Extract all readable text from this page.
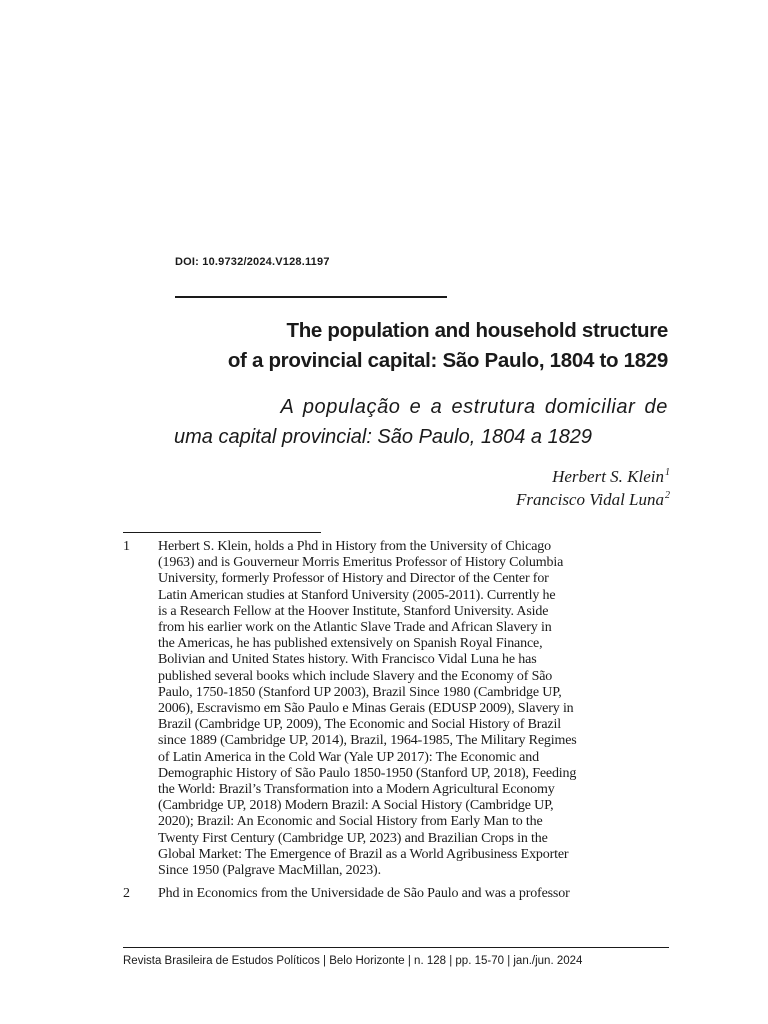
DOI: 10.9732/2024.V128.1197
The population and household structure
of a provincial capital: São Paulo, 1804 to 1829
A população e a estrutura domiciliar de
uma capital provincial: São Paulo, 1804 a 1829
Herbert S. Klein$^1$
Francisco Vidal Luna$^2$
1	Herbert S. Klein, holds a Phd in History from the University of Chicago
(1963) and is Gouverneur Morris Emeritus Professor of History Columbia
University, formerly Professor of History and Director of the Center for
Latin American studies at Stanford University (2005-2011). Currently he
is a Research Fellow at the Hoover Institute, Stanford University. Aside
from his earlier work on the Atlantic Slave Trade and African Slavery in
the Americas, he has published extensively on Spanish Royal Finance,
Bolivian and United States history. With Francisco Vidal Luna he has
published several books which include Slavery and the Economy of São
Paulo, 1750-1850 (Stanford UP 2003), Brazil Since 1980 (Cambridge UP,
2006), Escravismo em São Paulo e Minas Gerais (EDUSP 2009), Slavery in
Brazil (Cambridge UP, 2009), The Economic and Social History of Brazil
since 1889 (Cambridge UP, 2014), Brazil, 1964-1985, The Military Regimes
of Latin America in the Cold War (Yale UP 2017): The Economic and
Demographic History of São Paulo 1850-1950 (Stanford UP, 2018), Feeding
the World: Brazil’s Transformation into a Modern Agricultural Economy
(Cambridge UP, 2018) Modern Brazil: A Social History (Cambridge UP,
2020); Brazil: An Economic and Social History from Early Man to the
Twenty First Century (Cambridge UP, 2023) and Brazilian Crops in the
Global Market: The Emergence of Brazil as a World Agribusiness Exporter
Since 1950 (Palgrave MacMillan, 2023).
2	Phd in Economics from the Universidade de São Paulo and was a professor
Revista Brasileira de Estudos Políticos | Belo Horizonte | n. 128 | pp. 15-70 | jan./jun. 2024
